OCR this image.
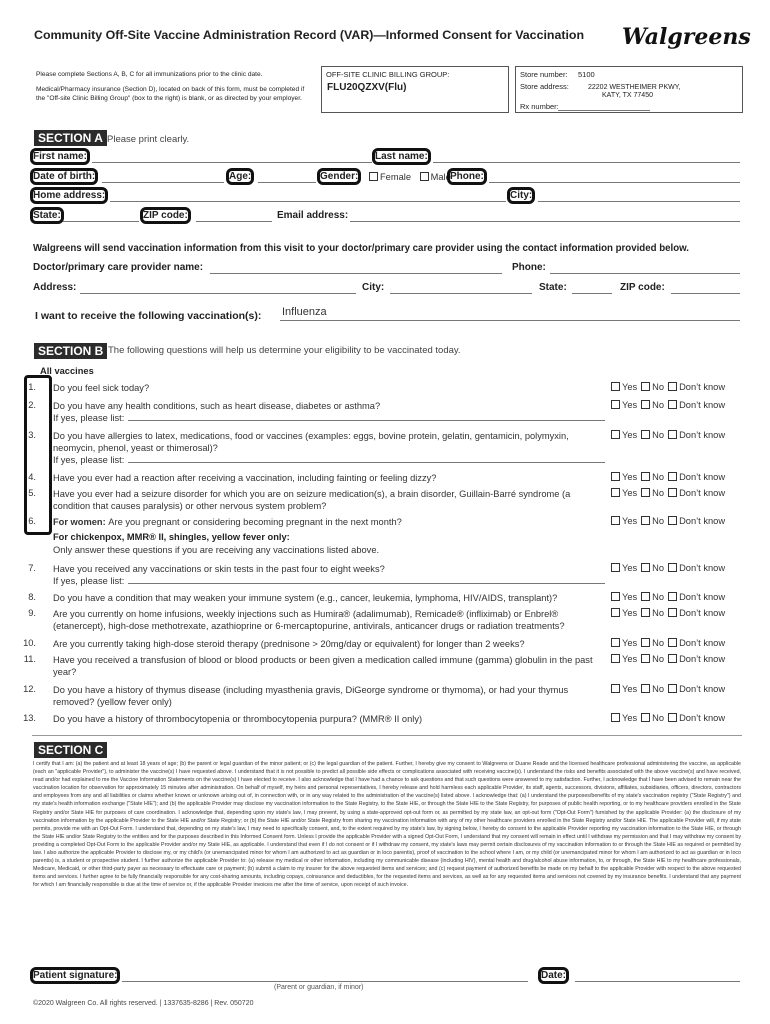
Community Off-Site Vaccine Administration Record (VAR)—Informed Consent for Vaccination Walgreens
Please complete Sections A, B, C for all immunizations prior to the clinic date.
Medical/Pharmacy insurance (Section D), located on back of this form, must be completed if the "Off-site Clinic Billing Group" (box to the right) is blank, or as directed by your employer.
OFF-SITE CLINIC BILLING GROUP:
FLU20QZXV(Flu)
Store number: 5100
Store address:	22202 WESTHEIMER PKWY,
KATY, TX 77450
Rx number:
SECTION A Please print clearly.
First name:	Last name:
Date of birth:	Age:	Gender:	Female Male Phone:
Home address:	City:
State:	ZIP code:	Email address:
Walgreens will send vaccination information from this visit to your doctor/primary care provider using the contact information provided below.
Doctor/primary care provider name:	Phone:
Address:	City:	State:	ZIP code:
I want to receive the following vaccination(s): Influenza
SECTION B The following questions will help us determine your eligibility to be vaccinated today.
All vaccines
1. Do you feel sick today?	Yes No Don’t know
2. Do you have any health conditions, such as heart disease, diabetes or asthma?
If yes, please list:
Yes No Don’t know
3. Do you have allergies to latex, medications, food or vaccines (examples: eggs, bovine protein, gelatin, gentamicin, polymyxin, neomycin, phenol, yeast or thimerosal)?
If yes, please list:
Yes No Don’t know
4. Have you ever had a reaction after receiving a vaccination, including fainting or feeling dizzy?	Yes No Don’t know
5. Have you ever had a seizure disorder for which you are on seizure medication(s), a brain disorder, Guillain-Barré syndrome (a condition that causes paralysis) or other nervous system problem?
Yes No Don’t know
6. For women: Are you pregnant or considering becoming pregnant in the next month?	Yes No Don’t know
7. Have you received any vaccinations or skin tests in the past four to eight weeks?
If yes, please list:
Yes No Don’t know
8. Do you have a condition that may weaken your immune system (e.g., cancer, leukemia, lymphoma, HIV/AIDS, transplant)?	Yes No Don’t know
9. Are you currently on home infusions, weekly injections such as Humira® (adalimumab), Remicade® (infliximab) or Enbrel® (etanercept), high-dose methotrexate, azathioprine or 6-mercaptopurine, antivirals, anticancer drugs or radiation treatments?
Yes No Don’t know
10. Are you currently taking high-dose steroid therapy (prednisone > 20mg/day or equivalent) for longer than 2 weeks?	Yes No Don’t know
11. Have you received a transfusion of blood or blood products or been given a medication called immune (gamma) globulin in the past year?
Yes No Don’t know
12. Do you have a history of thymus disease (including myasthenia gravis, DiGeorge syndrome or thymoma), or had your thymus removed? (yellow fever only)
Yes No Don’t know
13. Do you have a history of thrombocytopenia or thrombocytopenia purpura? (MMR® II only)	Yes No Don’t know
For chickenpox, MMR® II, shingles, yellow fever only:
Only answer these questions if you are receiving any vaccinations listed above.
SECTION C
I certify that I am: (a) the patient and at least 18 years of age; (b) the parent or legal guardian of the minor patient; or (c) the legal guardian of the patient. Further, I hereby give my consent to Walgreens or Duane Reade and the licensed healthcare professional administering the vaccine, as applicable (each an "applicable Provider"), to administer the vaccine(s) I have requested above. I understand that it is not possible to predict all possible side effects or complications associated with receiving vaccine(s). I understand the risks and benefits associated with the above vaccine(s) and have received, read and/or had explained to me the Vaccine Information Statements on the vaccine(s) I have elected to receive. I also acknowledge that I have had a chance to ask questions and that such questions were answered to my satisfaction. Further, I acknowledge that I have been advised to remain near the vaccination location for observation for approximately 15 minutes after administration. On behalf of myself, my heirs and personal representatives, I hereby release and hold harmless each applicable Provider, its staff, agents, successors, divisions, affiliates, subsidiaries, officers, directors, contractors and employees from any and all liabilities or claims whether known or unknown arising out of, in connection with, or in any way related to the administration of the vaccine(s) listed above. I acknowledge that: (a) I understand the purposes/benefits of my state's vaccination registry ("State Registry") and my state's health information exchange ("State HIE"); and (b) the applicable Provider may disclose my vaccination information to the State Registry, to the State HIE, or through the State HIE to the State Registry, for purposes of public health reporting, or to my healthcare providers enrolled in the State Registry and/or State HIE for purposes of care coordination. I acknowledge that, depending upon my state's law, I may prevent, by using a state-approved opt-out form or, as permitted by my state law, an opt-out form ("Opt-Out Form") furnished by the applicable Provider: (a) the disclosure of my vaccination information by the applicable Provider to the State HIE and/or State Registry; or (b) the State HIE and/or State Registry from sharing my vaccination information with any of my other healthcare providers enrolled in the State Registry and/or State HIE. The applicable Provider will, if my state permits, provide me with an Opt-Out Form. I understand that, depending on my state's law, I may need to specifically consent, and, to the extent required by my state's law, by signing below, I hereby do consent to the applicable Provider reporting my vaccination information to the State HIE, or through the State HIE and/or State Registry to the entities and for the purposes described in this Informed Consent form. Unless I provide the applicable Provider with a signed Opt-Out Form, I understand that my consent will remain in effect until I withdraw my permission and that I may withdraw my consent by providing a completed Opt-Out Form to the applicable Provider and/or my State HIE, as applicable. I understand that even if I do not consent or if I withdraw my consent, my state's laws may permit certain disclosures of my vaccination information to or through the State HIE as required or permitted by law. I also authorize the applicable Provider to disclose my, or my child's (or unemancipated minor for whom I am authorized to act as guardian or in loco parentis), proof of vaccination to the school where I am, or my child (or unemancipated minor for whom I am authorized to act as guardian or in loco parentis) is, a student or prospective student. I further authorize the applicable Provider to: (a) release my medical or other information, including my communicable disease (including HIV), mental health and drug/alcohol abuse information, to, or through, the State HIE to my healthcare professionals, Medicare, Medicaid, or other third-party payer as necessary to effectuate care or payment; (b) submit a claim to my insurer for the above requested items and services; and (c) request payment of authorized benefits be made on my behalf to the applicable Provider with respect to the above requested items and services. I further agree to be fully financially responsible for any cost-sharing amounts, including copays, coinsurance and deductibles, for the requested items and services, as well as for any requested items and services not covered by my insurance benefits. I understand that any payment for which I am financially responsible is due at the time of service or, if the applicable Provider invoices me after the time of service, upon receipt of such invoice.
Patient signature:
(Parent or guardian, if minor)
Date:
©2020 Walgreen Co. All rights reserved. | 1337635-8286 | Rev. 050720
